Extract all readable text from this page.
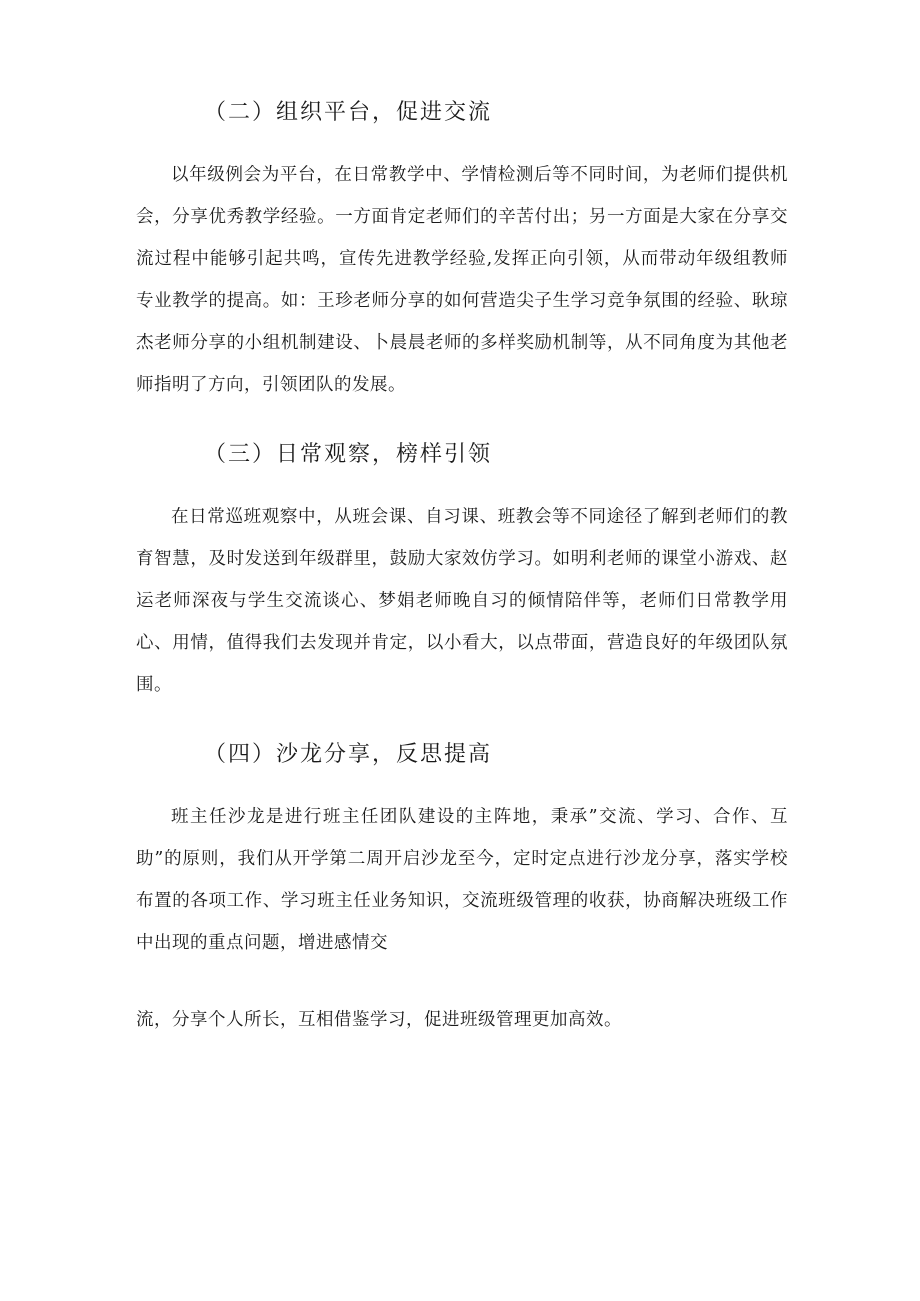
（二）组织平台，促进交流
以年级例会为平台，在日常教学中、学情检测后等不同时间，为老师们提供机会，分享优秀教学经验。一方面肯定老师们的辛苦付出；另一方面是大家在分享交流过程中能够引起共鸣，宣传先进教学经验,发挥正向引领，从而带动年级组教师专业教学的提高。如：王珍老师分享的如何营造尖子生学习竞争氛围的经验、耿琼杰老师分享的小组机制建设、卜晨晨老师的多样奖励机制等，从不同角度为其他老师指明了方向，引领团队的发展。
（三）日常观察，榜样引领
在日常巡班观察中，从班会课、自习课、班教会等不同途径了解到老师们的教育智慧，及时发送到年级群里，鼓励大家效仿学习。如明利老师的课堂小游戏、赵运老师深夜与学生交流谈心、梦娟老师晚自习的倾情陪伴等，老师们日常教学用心、用情，值得我们去发现并肯定，以小看大，以点带面，营造良好的年级团队氛围。
（四）沙龙分享，反思提高
班主任沙龙是进行班主任团队建设的主阵地，秉承”交流、学习、合作、互助”的原则，我们从开学第二周开启沙龙至今，定时定点进行沙龙分享，落实学校布置的各项工作、学习班主任业务知识，交流班级管理的收获，协商解决班级工作中出现的重点问题，增进感情交
流，分享个人所长，互相借鉴学习，促进班级管理更加高效。
